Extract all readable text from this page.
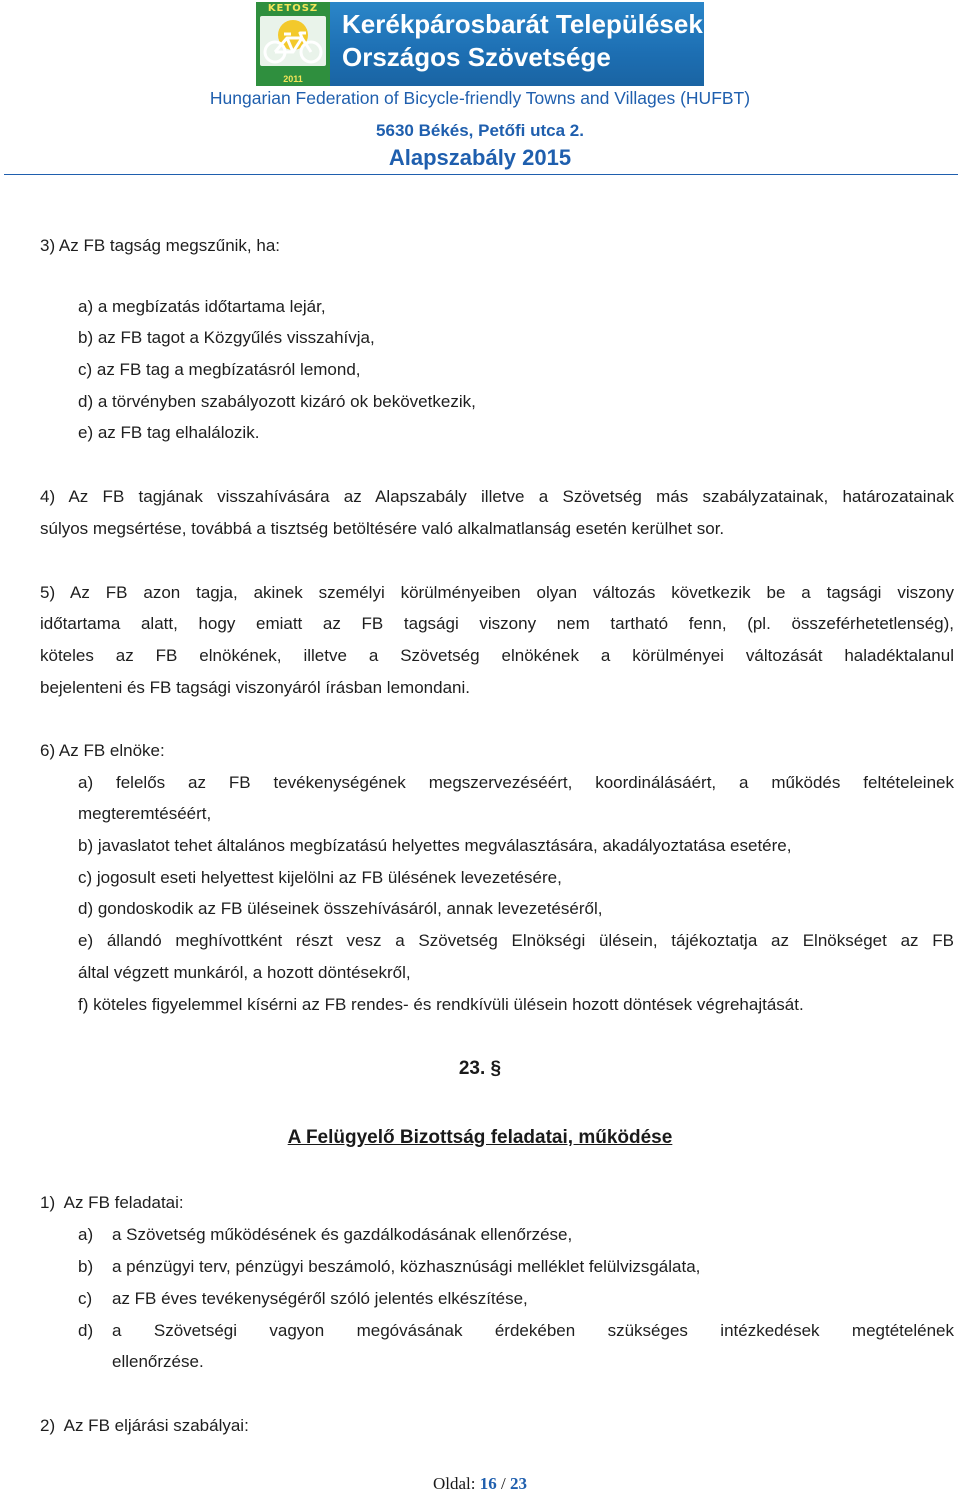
KETOSZ
2011
Kerékpárosbarát Települések
Országos Szövetsége
Hungarian Federation of Bicycle-friendly Towns and Villages (HUFBT)
5630 Békés, Petőfi utca 2.
Alapszabály 2015
3) Az FB tagság megszűnik, ha:
a) a megbízatás időtartama lejár,
b) az FB tagot a Közgyűlés visszahívja,
c) az FB tag a megbízatásról lemond,
d) a törvényben szabályozott kizáró ok bekövetkezik,
e) az FB tag elhalálozik.
4) Az FB tagjának visszahívására az Alapszabály illetve a Szövetség más szabályzatainak, határozatainak
súlyos megsértése, továbbá a tisztség betöltésére való alkalmatlanság esetén kerülhet sor.
5) Az FB azon tagja, akinek személyi körülményeiben olyan változás következik be a tagsági viszony
időtartama alatt, hogy emiatt az FB tagsági viszony nem tartható fenn, (pl. összeférhetetlenség),
köteles az FB elnökének, illetve a Szövetség elnökének a körülményei változását haladéktalanul
bejelenteni és FB tagsági viszonyáról írásban lemondani.
6) Az FB elnöke:
a) felelős az FB tevékenységének megszervezéséért, koordinálásáért, a működés feltételeinek
megteremtéséért,
b) javaslatot tehet általános megbízatású helyettes megválasztására, akadályoztatása esetére,
c) jogosult eseti helyettest kijelölni az FB ülésének levezetésére,
d) gondoskodik az FB üléseinek összehívásáról, annak levezetéséről,
e) állandó meghívottként részt vesz a Szövetség Elnökségi ülésein, tájékoztatja az Elnökséget az FB
által végzett munkáról, a hozott döntésekről,
f) köteles figyelemmel kísérni az FB rendes- és rendkívüli ülésein hozott döntések végrehajtását.
23. §
A Felügyelő Bizottság feladatai, működése
1)  Az FB feladatai:
a) a Szövetség működésének és gazdálkodásának ellenőrzése,
b) a pénzügyi terv, pénzügyi beszámoló, közhasznúsági melléklet felülvizsgálata,
c) az FB éves tevékenységéről szóló jelentés elkészítése,
d) a Szövetségi vagyon megóvásának érdekében szükséges intézkedések megtételének
ellenőrzése.
2)  Az FB eljárási szabályai:
Oldal: 16 / 23
